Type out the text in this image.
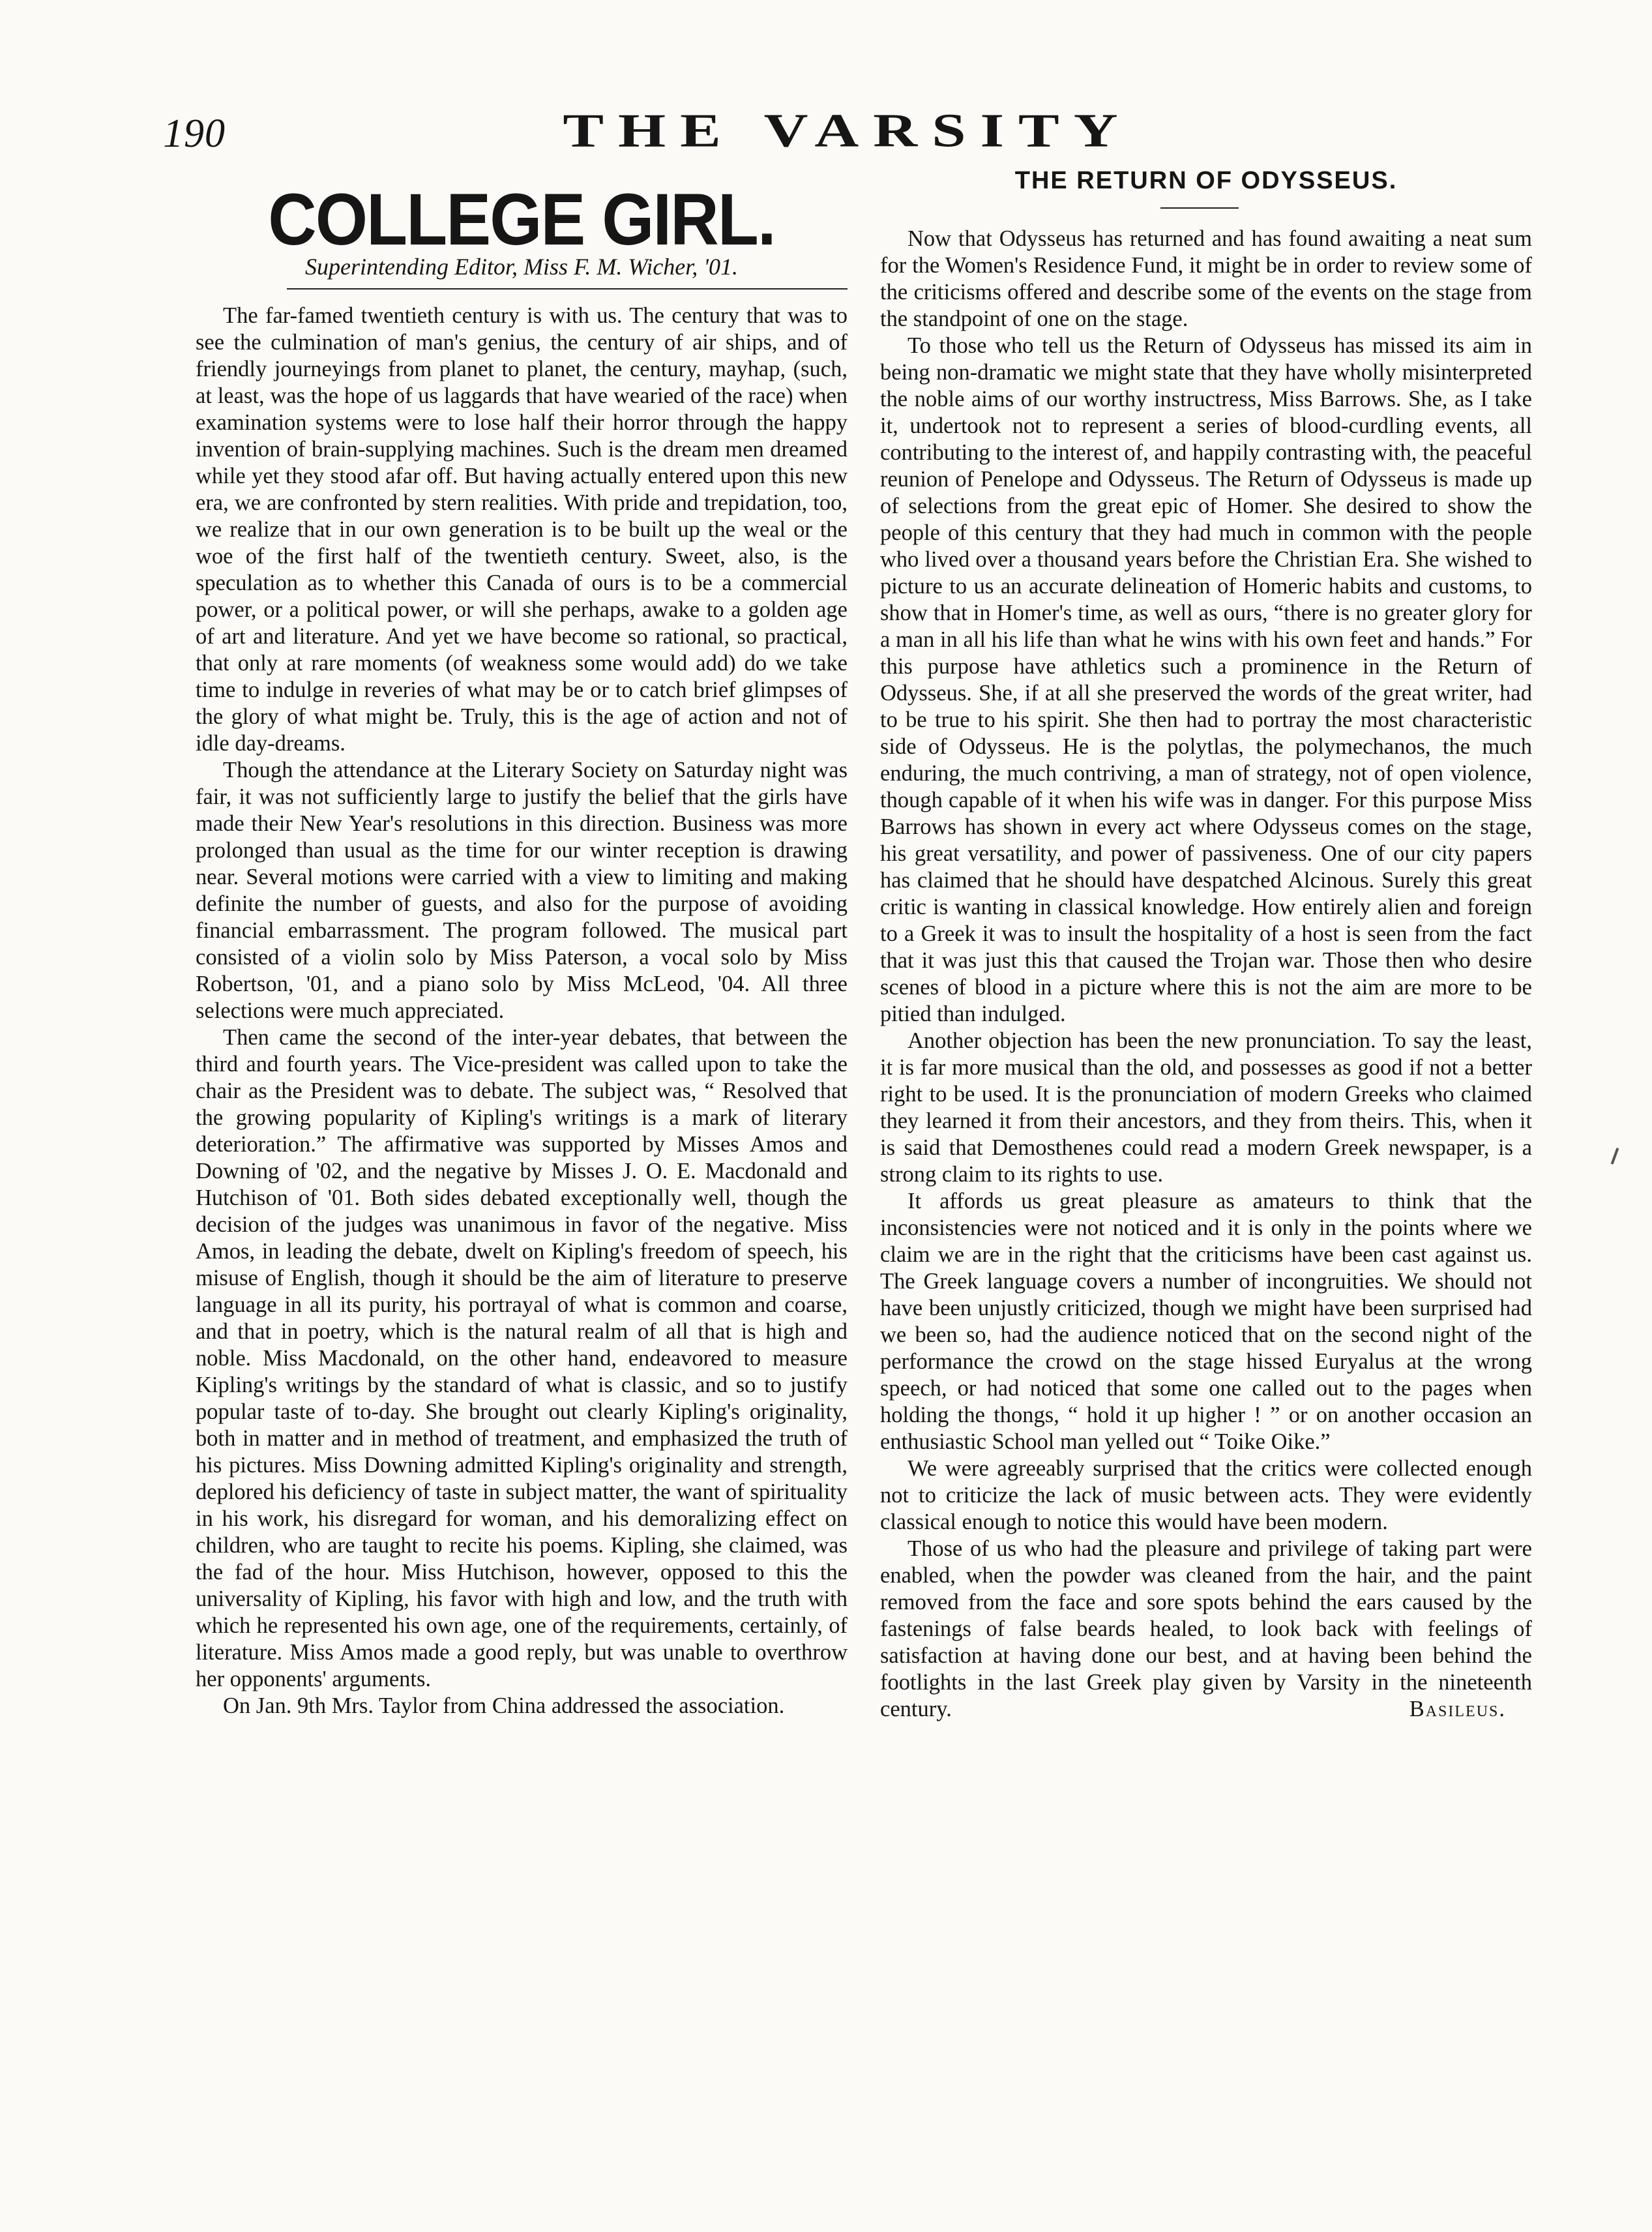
190	THE VARSITY
COLLEGE GIRL.
Superintending Editor, Miss F. M. Wicher, '01.

The far-famed twentieth century is with us. The century that was to see the culmination of man's genius, the century of air ships, and of friendly journeyings from planet to planet, the century, mayhap, (such, at least, was the hope of us laggards that have wearied of the race) when examination systems were to lose half their horror through the happy invention of brain-supplying machines. Such is the dream men dreamed while yet they stood afar off. But having actually entered upon this new era, we are confronted by stern realities. With pride and trepidation, too, we realize that in our own generation is to be built up the weal or the woe of the first half of the twentieth century. Sweet, also, is the speculation as to whether this Canada of ours is to be a commercial power, or a political power, or will she perhaps, awake to a golden age of art and literature. And yet we have become so rational, so practical, that only at rare moments (of weakness some would add) do we take time to indulge in reveries of what may be or to catch brief glimpses of the glory of what might be. Truly, this is the age of action and not of idle day-dreams.

Though the attendance at the Literary Society on Saturday night was fair, it was not sufficiently large to justify the belief that the girls have made their New Year's resolutions in this direction. Business was more prolonged than usual as the time for our winter reception is drawing near. Several motions were carried with a view to limiting and making definite the number of guests, and also for the purpose of avoiding financial embarrassment. The program followed. The musical part consisted of a violin solo by Miss Paterson, a vocal solo by Miss Robertson, '01, and a piano solo by Miss McLeod, '04. All three selections were much appreciated.

Then came the second of the inter-year debates, that between the third and fourth years. The Vice-president was called upon to take the chair as the President was to debate. The subject was, “ Resolved that the growing popularity of Kipling's writings is a mark of literary deterioration.” The affirmative was supported by Misses Amos and Downing of '02, and the negative by Misses J. O. E. Macdonald and Hutchison of '01. Both sides debated exceptionally well, though the decision of the judges was unanimous in favor of the negative. Miss Amos, in leading the debate, dwelt on Kipling's freedom of speech, his misuse of English, though it should be the aim of literature to preserve language in all its purity, his portrayal of what is common and coarse, and that in poetry, which is the natural realm of all that is high and noble. Miss Macdonald, on the other hand, endeavored to measure Kipling's writings by the standard of what is classic, and so to justify popular taste of to-day. She brought out clearly Kipling's originality, both in matter and in method of treatment, and emphasized the truth of his pictures. Miss Downing admitted Kipling's originality and strength, deplored his deficiency of taste in subject matter, the want of spirituality in his work, his disregard for woman, and his demoralizing effect on children, who are taught to recite his poems. Kipling, she claimed, was the fad of the hour. Miss Hutchison, however, opposed to this the universality of Kipling, his favor with high and low, and the truth with which he represented his own age, one of the requirements, certainly, of literature. Miss Amos made a good reply, but was unable to overthrow her opponents' arguments.

On Jan. 9th Mrs. Taylor from China addressed the association.

THE RETURN OF ODYSSEUS.

Now that Odysseus has returned and has found awaiting a neat sum for the Women's Residence Fund, it might be in order to review some of the criticisms offered and describe some of the events on the stage from the standpoint of one on the stage.

To those who tell us the Return of Odysseus has missed its aim in being non-dramatic we might state that they have wholly misinterpreted the noble aims of our worthy instructress, Miss Barrows. She, as I take it, undertook not to represent a series of blood-curdling events, all contributing to the interest of, and happily contrasting with, the peaceful reunion of Penelope and Odysseus. The Return of Odysseus is made up of selections from the great epic of Homer. She desired to show the people of this century that they had much in common with the people who lived over a thousand years before the Christian Era. She wished to picture to us an accurate delineation of Homeric habits and customs, to show that in Homer's time, as well as ours, “there is no greater glory for a man in all his life than what he wins with his own feet and hands.” For this purpose have athletics such a prominence in the Return of Odysseus. She, if at all she preserved the words of the great writer, had to be true to his spirit. She then had to portray the most characteristic side of Odysseus. He is the polytlas, the polymechanos, the much enduring, the much contriving, a man of strategy, not of open violence, though capable of it when his wife was in danger. For this purpose Miss Barrows has shown in every act where Odysseus comes on the stage, his great versatility, and power of passiveness. One of our city papers has claimed that he should have despatched Alcinous. Surely this great critic is wanting in classical knowledge. How entirely alien and foreign to a Greek it was to insult the hospitality of a host is seen from the fact that it was just this that caused the Trojan war. Those then who desire scenes of blood in a picture where this is not the aim are more to be pitied than indulged.

Another objection has been the new pronunciation. To say the least, it is far more musical than the old, and possesses as good if not a better right to be used. It is the pronunciation of modern Greeks who claimed they learned it from their ancestors, and they from theirs. This, when it is said that Demosthenes could read a modern Greek newspaper, is a strong claim to its rights to use.

It affords us great pleasure as amateurs to think that the inconsistencies were not noticed and it is only in the points where we claim we are in the right that the criticisms have been cast against us. The Greek language covers a number of incongruities. We should not have been unjustly criticized, though we might have been surprised had we been so, had the audience noticed that on the second night of the performance the crowd on the stage hissed Euryalus at the wrong speech, or had noticed that some one called out to the pages when holding the thongs, “ hold it up higher ! ” or on another occasion an enthusiastic School man yelled out “ Toike Oike.”

We were agreeably surprised that the critics were collected enough not to criticize the lack of music between acts. They were evidently classical enough to notice this would have been modern.

Those of us who had the pleasure and privilege of taking part were enabled, when the powder was cleaned from the hair, and the paint removed from the face and sore spots behind the ears caused by the fastenings of false beards healed, to look back with feelings of satisfaction at having done our best, and at having been behind the footlights in the last Greek play given by Varsity in the nineteenth century.	Basileus.
